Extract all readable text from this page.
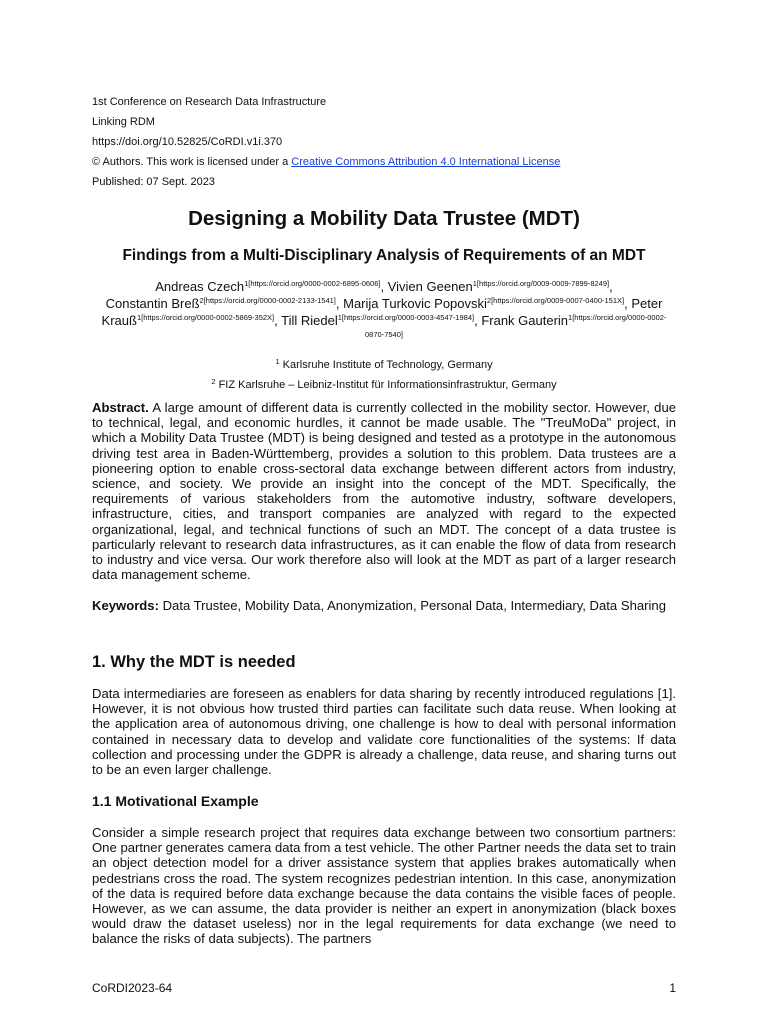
1st Conference on Research Data Infrastructure
Linking RDM
https://doi.org/10.52825/CoRDI.v1i.370
© Authors. This work is licensed under a Creative Commons Attribution 4.0 International License
Published: 07 Sept. 2023
Designing a Mobility Data Trustee (MDT)
Findings from a Multi-Disciplinary Analysis of Requirements of an MDT
Andreas Czech$^{1[https://orcid.org/0000-0002-6895-0606]}$, Vivien Geenen$^{1[https://orcid.org/0009-0009-7899-8249]}$,
Constantin Breß$^{2[https://orcid.org/0000-0002-2133-1541]}$, Marija Turkovic Popovski$^{2[https://orcid.org/0009-0007-0400-151X]}$, Peter Krauß$^{1[https://orcid.org/0000-0002-5869-352X]}$, Till Riedel$^{1[https://orcid.org/0000-0003-4547-1984]}$, Frank Gauterin$^{1[https://orcid.org/0000-0002-0870-7540]}$
$^1$ Karlsruhe Institute of Technology, Germany
$^2$ FIZ Karlsruhe – Leibniz-Institut für Informationsinfrastruktur, Germany

Abstract. A large amount of different data is currently collected in the mobility sector. However, due to technical, legal, and economic hurdles, it cannot be made usable. The "TreuMoDa" project, in which a Mobility Data Trustee (MDT) is being designed and tested as a prototype in the autonomous driving test area in Baden-Württemberg, provides a solution to this problem. Data trustees are a pioneering option to enable cross-sectoral data exchange between different actors from industry, science, and society. We provide an insight into the concept of the MDT. Specifically, the requirements of various stakeholders from the automotive industry, software developers, infrastructure, cities, and transport companies are analyzed with regard to the expected organizational, legal, and technical functions of such an MDT. The concept of a data trustee is particularly relevant to research data infrastructures, as it can enable the flow of data from research to industry and vice versa. Our work therefore also will look at the MDT as part of a larger research data management scheme.

Keywords: Data Trustee, Mobility Data, Anonymization, Personal Data, Intermediary, Data Sharing

1. Why the MDT is needed

Data intermediaries are foreseen as enablers for data sharing by recently introduced regulations [1]. However, it is not obvious how trusted third parties can facilitate such data reuse. When looking at the application area of autonomous driving, one challenge is how to deal with personal information contained in necessary data to develop and validate core functionalities of the systems: If data collection and processing under the GDPR is already a challenge, data reuse, and sharing turns out to be an even larger challenge.

1.1 Motivational Example

Consider a simple research project that requires data exchange between two consortium partners: One partner generates camera data from a test vehicle. The other Partner needs the data set to train an object detection model for a driver assistance system that applies brakes automatically when pedestrians cross the road. The system recognizes pedestrian intention. In this case, anonymization of the data is required before data exchange because the data contains the visible faces of people. However, as we can assume, the data provider is neither an expert in anonymization (black boxes would draw the dataset useless) nor in the legal requirements for data exchange (we need to balance the risks of data subjects). The partners

CoRDI2023-64	1
